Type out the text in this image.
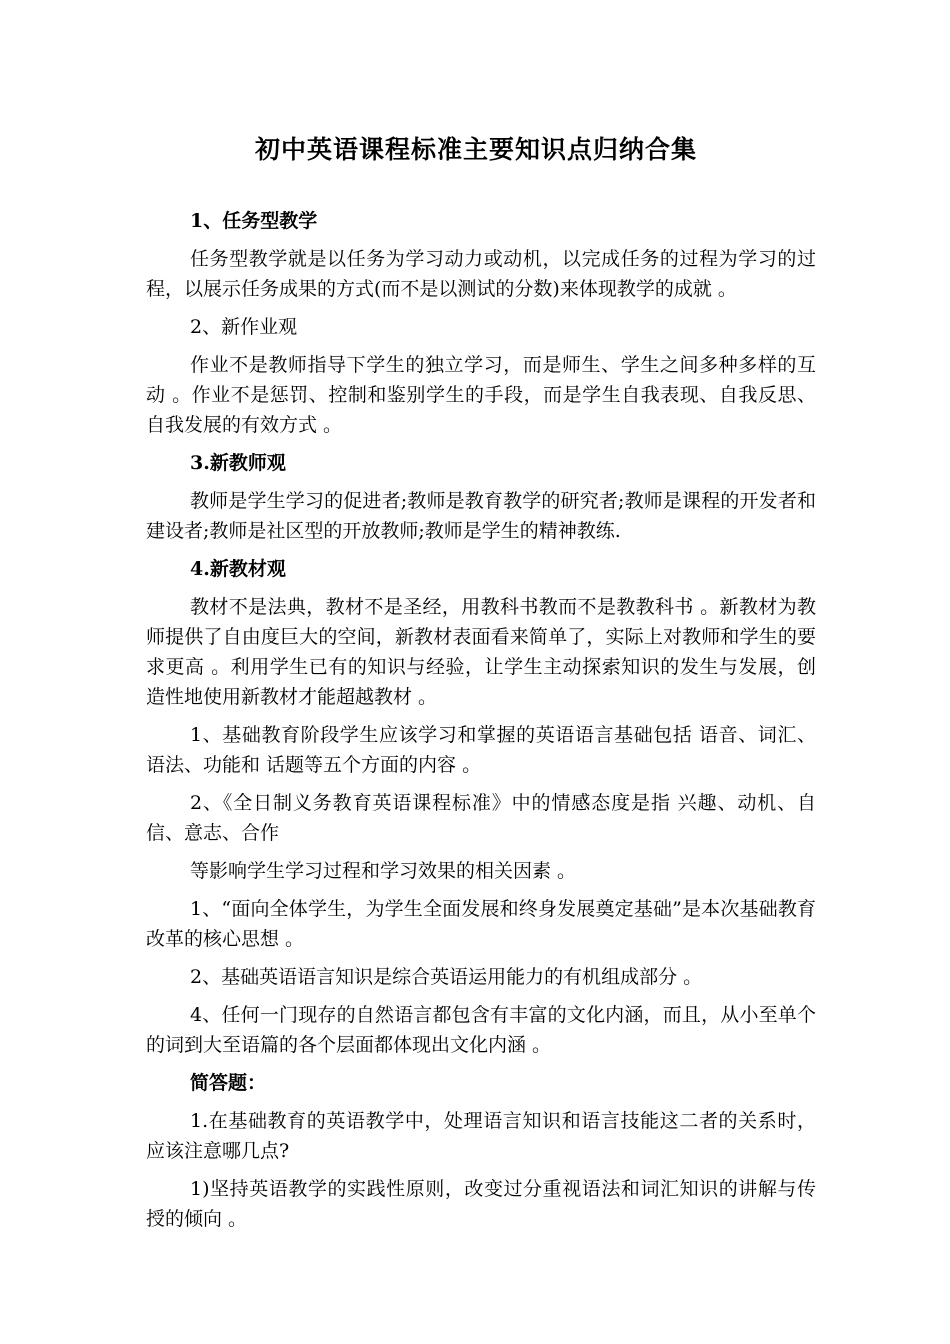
初中英语课程标准主要知识点归纳合集

1、任务型教学

任务型教学就是以任务为学习动力或动机，以完成任务的过程为学习的过程，以展示任务成果的方式(而不是以测试的分数)来体现教学的成就 。

2、新作业观

作业不是教师指导下学生的独立学习，而是师生、学生之间多种多样的互动 。作业不是惩罚、控制和鉴别学生的手段，而是学生自我表现、自我反思、自我发展的有效方式 。

3.新教师观

教师是学生学习的促进者;教师是教育教学的研究者;教师是课程的开发者和建设者;教师是社区型的开放教师;教师是学生的精神教练.

4.新教材观

教材不是法典，教材不是圣经，用教科书教而不是教教科书 。新教材为教师提供了自由度巨大的空间，新教材表面看来简单了，实际上对教师和学生的要求更高 。利用学生已有的知识与经验，让学生主动探索知识的发生与发展，创造性地使用新教材才能超越教材 。

1、基础教育阶段学生应该学习和掌握的英语语言基础包括 语音、词汇、语法、功能和 话题等五个方面的内容 。

2、《全日制义务教育英语课程标准》中的情感态度是指 兴趣、动机、自信、意志、合作

等影响学生学习过程和学习效果的相关因素 。

1、“面向全体学生，为学生全面发展和终身发展奠定基础”是本次基础教育改革的核心思想 。

2、基础英语语言知识是综合英语运用能力的有机组成部分 。

4、任何一门现存的自然语言都包含有丰富的文化内涵，而且，从小至单个的词到大至语篇的各个层面都体现出文化内涵 。

简答题：

1.在基础教育的英语教学中，处理语言知识和语言技能这二者的关系时，应该注意哪几点?

1)坚持英语教学的实践性原则，改变过分重视语法和词汇知识的讲解与传授的倾向 。
